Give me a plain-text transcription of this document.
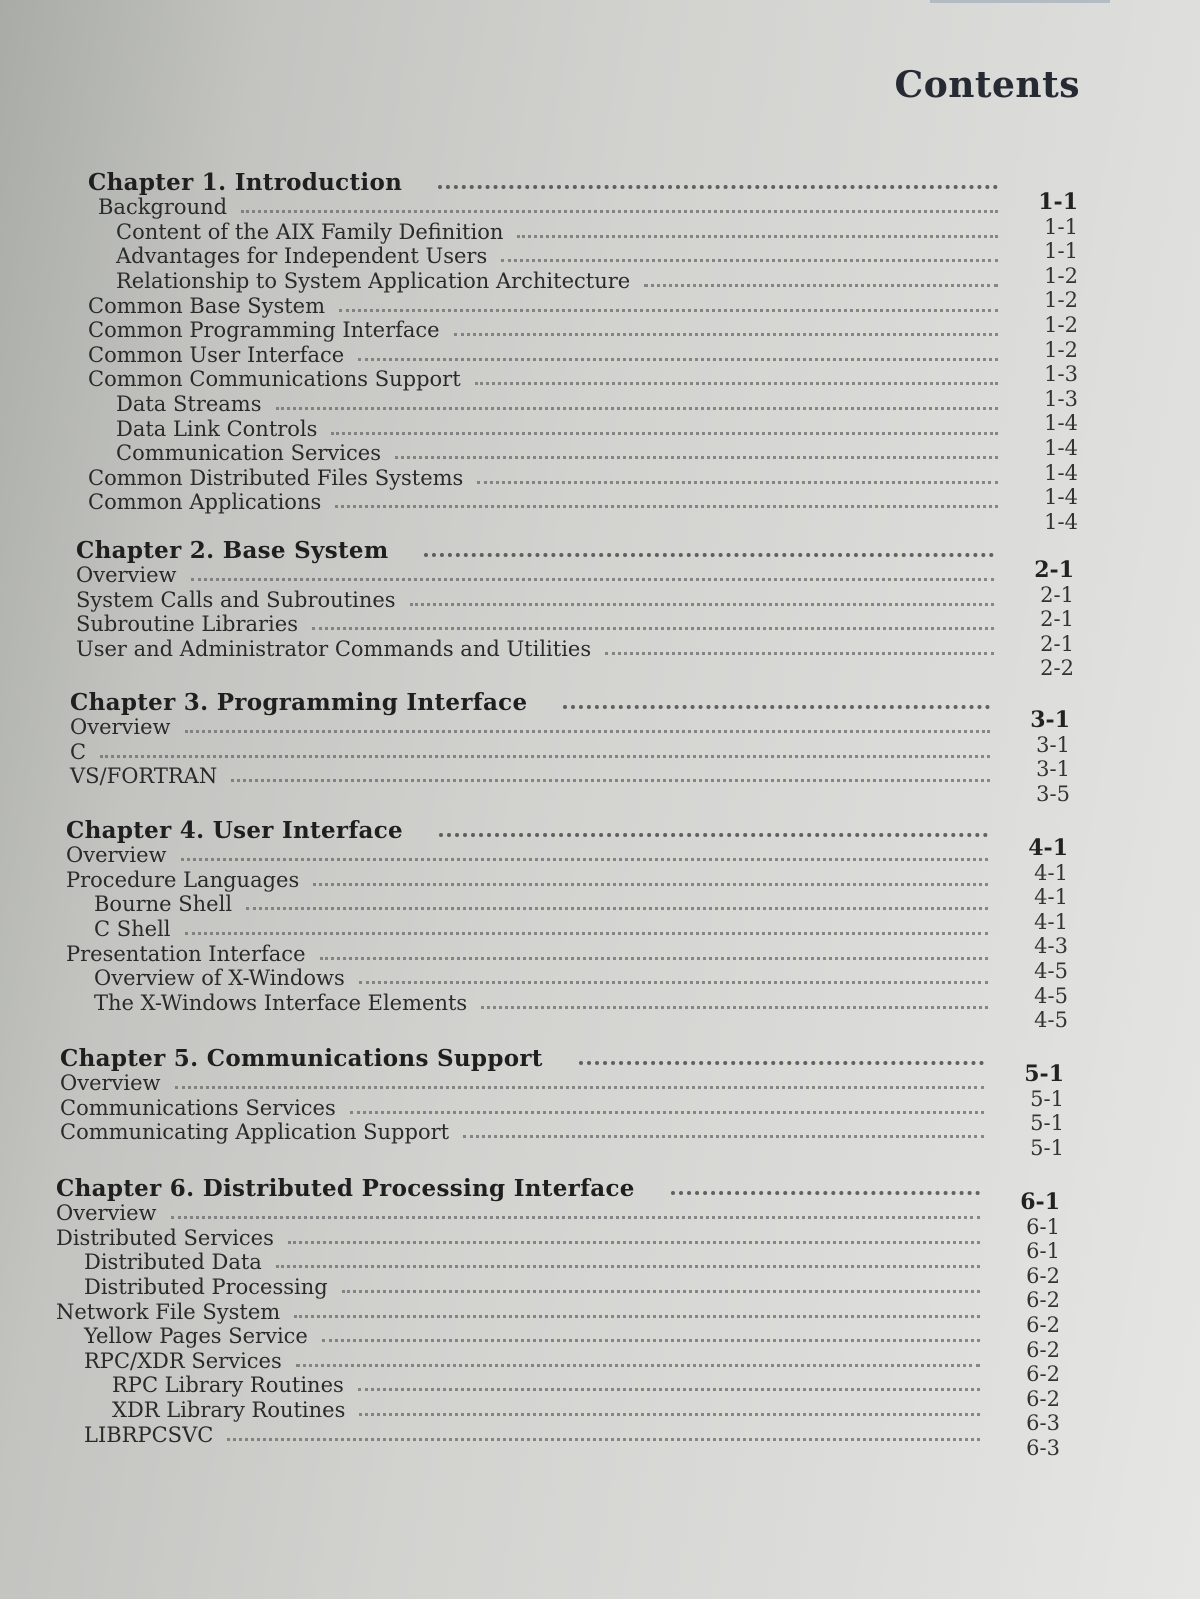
Contents
Chapter 1. Introduction
Background
Content of the AIX Family Definition
Advantages for Independent Users
Relationship to System Application Architecture
Common Base System
Common Programming Interface
Common User Interface
Common Communications Support
Data Streams
Data Link Controls
Communication Services
Common Distributed Files Systems
Common Applications
1-1
1-1
1-1
1-2
1-2
1-2
1-2
1-3
1-3
1-4
1-4
1-4
1-4
1-4
Chapter 2. Base System
Overview
System Calls and Subroutines
Subroutine Libraries
User and Administrator Commands and Utilities
2-1
2-1
2-1
2-1
2-2
Chapter 3. Programming Interface
Overview
C
VS/FORTRAN
3-1
3-1
3-1
3-5
Chapter 4. User Interface
Overview
Procedure Languages
Bourne Shell
C Shell
Presentation Interface
Overview of X-Windows
The X-Windows Interface Elements
4-1
4-1
4-1
4-1
4-3
4-5
4-5
4-5
Chapter 5. Communications Support
Overview
Communications Services
Communicating Application Support
5-1
5-1
5-1
5-1
Chapter 6. Distributed Processing Interface
Overview
Distributed Services
Distributed Data
Distributed Processing
Network File System
Yellow Pages Service
RPC/XDR Services
RPC Library Routines
XDR Library Routines
LIBRPCSVC
6-1
6-1
6-1
6-2
6-2
6-2
6-2
6-2
6-2
6-3
6-3
